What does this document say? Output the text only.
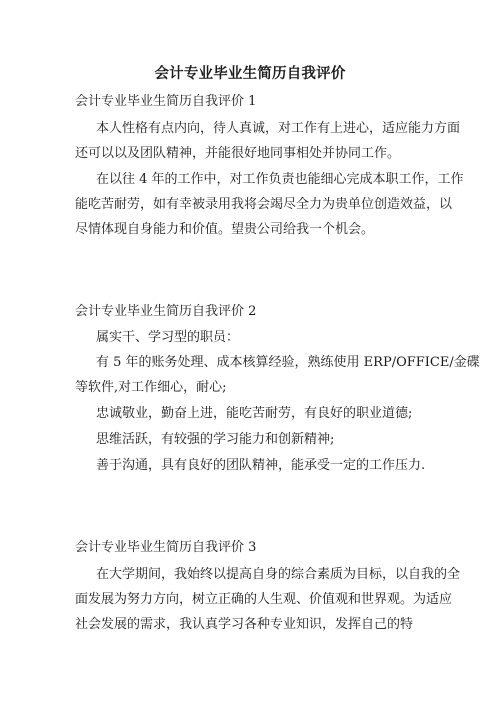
会计专业毕业生简历自我评价
会计专业毕业生简历自我评价 1
本人性格有点内向，待人真诚，对工作有上进心，适应能力方面
还可以以及团队精神，并能很好地同事相处并协同工作。
在以往 4 年的工作中，对工作负责也能细心完成本职工作，工作
能吃苦耐劳，如有幸被录用我将会竭尽全力为贵单位创造效益，以
尽情体现自身能力和价值。望贵公司给我一个机会。
会计专业毕业生简历自我评价 2
属实干、学习型的职员：
有 5 年的账务处理、成本核算经验，熟练使用 ERP/OFFICE/金碟
等软件,对工作细心，耐心;
忠诚敬业，勤奋上进，能吃苦耐劳，有良好的职业道德;
思维活跃，有较强的学习能力和创新精神;
善于沟通，具有良好的团队精神，能承受一定的工作压力.
会计专业毕业生简历自我评价 3
在大学期间，我始终以提高自身的综合素质为目标，以自我的全
面发展为努力方向，树立正确的人生观、价值观和世界观。为适应
社会发展的需求，我认真学习各种专业知识，发挥自己的特
